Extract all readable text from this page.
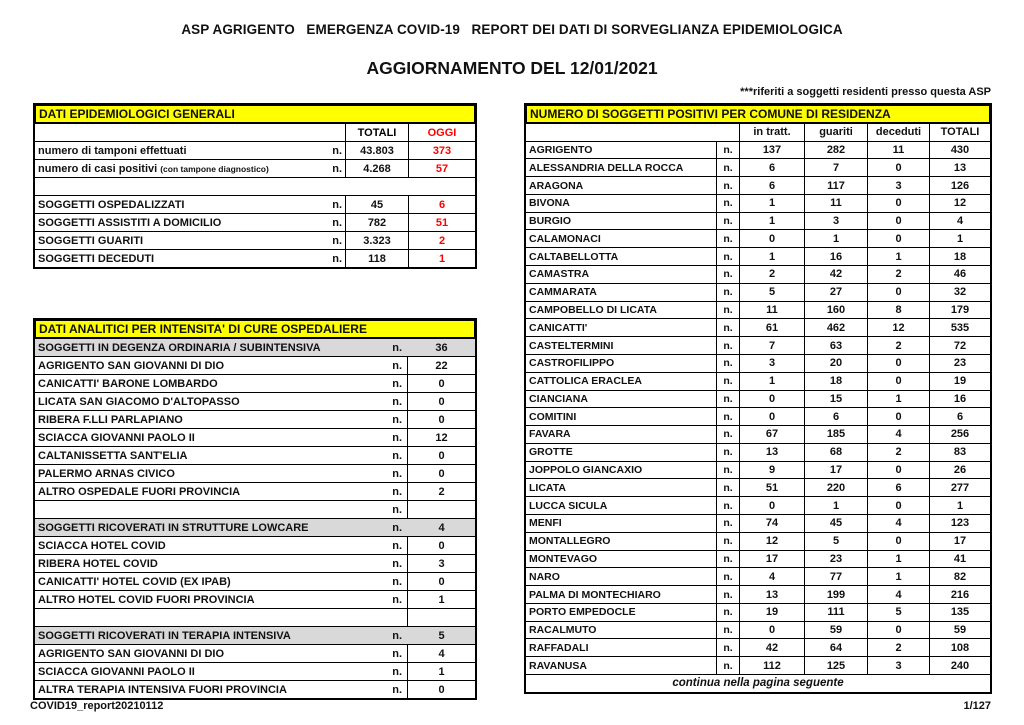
ASP AGRIGENTO   EMERGENZA COVID-19   REPORT DEI DATI DI SORVEGLIANZA EPIDEMIOLOGICA
AGGIORNAMENTO DEL 12/01/2021
***riferiti a soggetti residenti presso questa ASP
DATI EPIDEMIOLOGICI GENERALI
TOTALI	OGGI
numero di tamponi effettuati	n.	43.803	373
numero di casi positivi (con tampone diagnostico)	n.	4.268	57
SOGGETTI OSPEDALIZZATI	n.	45	6
SOGGETTI ASSISTITI A DOMICILIO	n.	782	51
SOGGETTI GUARITI	n.	3.323	2
SOGGETTI DECEDUTI	n.	118	1
DATI ANALITICI PER INTENSITA' DI CURE OSPEDALIERE
SOGGETTI IN DEGENZA ORDINARIA / SUBINTENSIVA	n.	36
AGRIGENTO SAN GIOVANNI DI DIO	n.	22
CANICATTI' BARONE LOMBARDO	n.	0
LICATA SAN GIACOMO D'ALTOPASSO	n.	0
RIBERA F.LLI PARLAPIANO	n.	0
SCIACCA GIOVANNI PAOLO II	n.	12
CALTANISSETTA SANT'ELIA	n.	0
PALERMO ARNAS CIVICO	n.	0
ALTRO OSPEDALE FUORI PROVINCIA	n.	2
n.
SOGGETTI RICOVERATI IN STRUTTURE LOWCARE	n.	4
SCIACCA HOTEL COVID	n.	0
RIBERA HOTEL COVID	n.	3
CANICATTI' HOTEL COVID (EX IPAB)	n.	0
ALTRO HOTEL COVID FUORI PROVINCIA	n.	1
SOGGETTI RICOVERATI IN TERAPIA INTENSIVA	n.	5
AGRIGENTO SAN GIOVANNI DI DIO	n.	4
SCIACCA GIOVANNI PAOLO II	n.	1
ALTRA TERAPIA INTENSIVA FUORI PROVINCIA	n.	0
NUMERO DI SOGGETTI POSITIVI PER COMUNE DI RESIDENZA
in tratt.	guariti	deceduti	TOTALI
AGRIGENTO	n.	137	282	11	430
ALESSANDRIA DELLA ROCCA	n.	6	7	0	13
ARAGONA	n.	6	117	3	126
BIVONA	n.	1	11	0	12
BURGIO	n.	1	3	0	4
CALAMONACI	n.	0	1	0	1
CALTABELLOTTA	n.	1	16	1	18
CAMASTRA	n.	2	42	2	46
CAMMARATA	n.	5	27	0	32
CAMPOBELLO DI LICATA	n.	11	160	8	179
CANICATTI'	n.	61	462	12	535
CASTELTERMINI	n.	7	63	2	72
CASTROFILIPPO	n.	3	20	0	23
CATTOLICA ERACLEA	n.	1	18	0	19
CIANCIANA	n.	0	15	1	16
COMITINI	n.	0	6	0	6
FAVARA	n.	67	185	4	256
GROTTE	n.	13	68	2	83
JOPPOLO GIANCAXIO	n.	9	17	0	26
LICATA	n.	51	220	6	277
LUCCA SICULA	n.	0	1	0	1
MENFI	n.	74	45	4	123
MONTALLEGRO	n.	12	5	0	17
MONTEVAGO	n.	17	23	1	41
NARO	n.	4	77	1	82
PALMA DI MONTECHIARO	n.	13	199	4	216
PORTO EMPEDOCLE	n.	19	111	5	135
RACALMUTO	n.	0	59	0	59
RAFFADALI	n.	42	64	2	108
RAVANUSA	n.	112	125	3	240
continua nella pagina seguente
COVID19_report20210112	1/127
